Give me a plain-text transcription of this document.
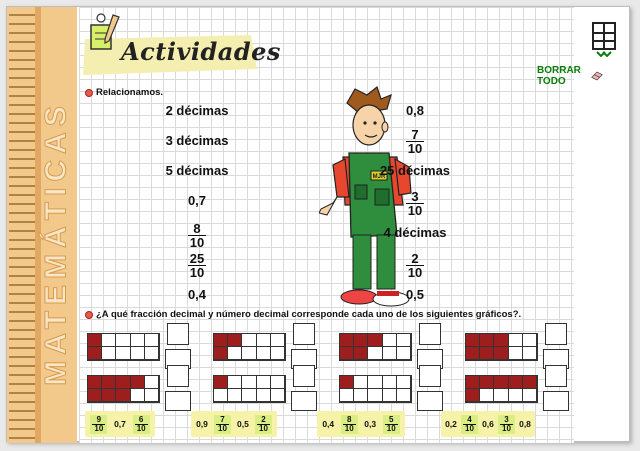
MATEMÁTICAS
Actividades
BORRAR TODO
Relacionamos.
MJR
¿A qué fracción decimal y número decimal corresponde cada uno de los siguientes gráficos?.
2 décimas
3 décimas
5 décimas
0,7
$\frac{8}{10}$
$\frac{25}{10}$
0,4
0,8
$\frac{7}{10}$
25 décimas
$\frac{3}{10}$
4 décimas
$\frac{2}{10}$
0,5
$\frac{9}{10} 0,7 \frac{6}{10}$	$0,9 \frac{7}{10} 0,5 \frac{2}{10}$	$0,4 \frac{8}{10} 0,3 \frac{5}{10}$	$0,2 \frac{4}{10} 0,6 \frac{3}{10} 0,8$
